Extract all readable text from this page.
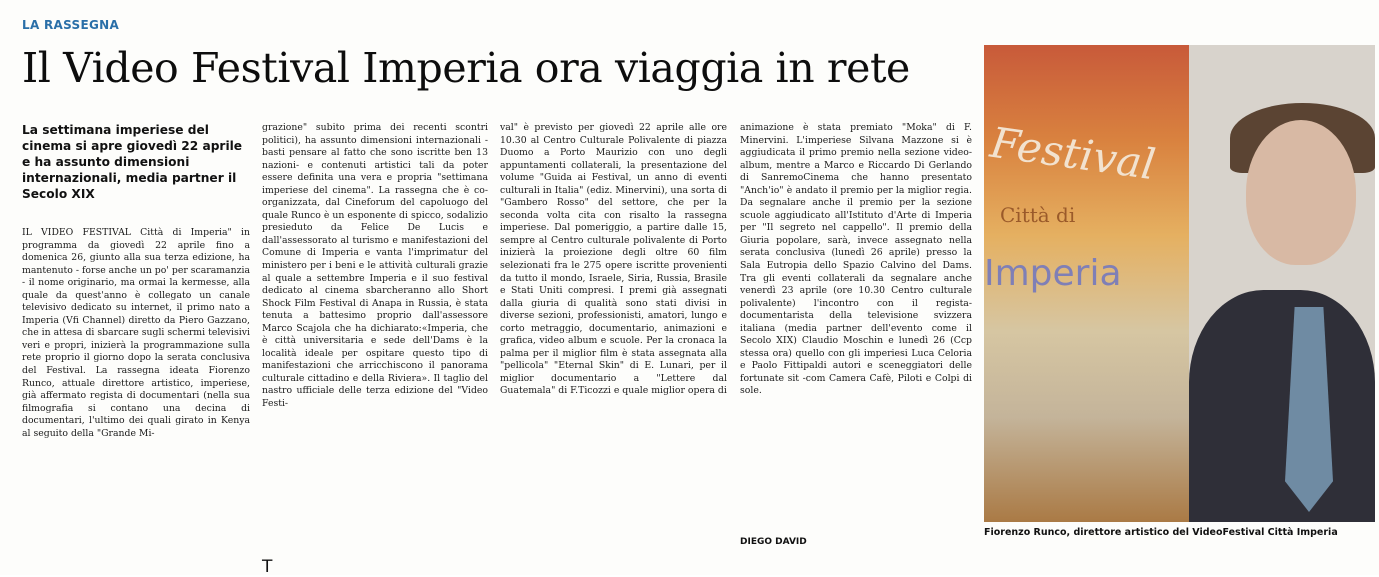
LA RASSEGNA
Il Video Festival Imperia ora viaggia in rete
La settimana imperiese del cinema si apre giovedì 22 aprile e ha assunto dimensioni internazionali, media partner il Secolo XIX
IL VIDEO FESTIVAL Città di Imperia" in programma da giovedì 22 aprile fino a domenica 26, giunto alla sua terza edizione, ha mantenuto - forse anche un po' per scaramanzia - il nome originario, ma ormai la kermesse, alla quale da quest'anno è collegato un canale televisivo dedicato su internet, il primo nato a Imperia (Vfi Channel) diretto da Piero Gazzano, che in attesa di sbarcare sugli schermi televisivi veri e propri, inizierà la programmazione sulla rete proprio il giorno dopo la serata conclusiva del Festival. La rassegna ideata Fiorenzo Runco, attuale direttore artistico, imperiese, già affermato regista di documentari (nella sua filmografia si contano una decina di documentari, l'ultimo dei quali girato in Kenya al seguito della "Grande Mi-
grazione" subito prima dei recenti scontri politici), ha assunto dimensioni internazionali -basti pensare al fatto che sono iscritte ben 13 nazioni- e contenuti artistici tali da poter essere definita una vera e propria "settimana imperiese del cinema". La rassegna che è co-organizzata, dal Cineforum del capoluogo del quale Runco è un esponente di spicco, sodalizio presieduto da Felice De Lucis e dall'assessorato al turismo e manifestazioni del Comune di Imperia e vanta l'imprimatur del ministero per i beni e le attività culturali grazie al quale a settembre Imperia e il suo festival dedicato al cinema sbarcheranno allo Short Shock Film Festival di Anapa in Russia, è stata tenuta a battesimo proprio dall'assessore Marco Scajola che ha dichiarato:«Imperia, che è città universitaria e sede dell'Dams è la località ideale per ospitare questo tipo di manifestazioni che arricchiscono il panorama culturale cittadino e della Riviera». Il taglio del nastro ufficiale delle terza edizione del "Video Festi-
val" è previsto per giovedì 22 aprile alle ore 10.30 al Centro Culturale Polivalente di piazza Duomo a Porto Maurizio con uno degli appuntamenti collaterali, la presentazione del volume "Guida ai Festival, un anno di eventi culturali in Italia" (ediz. Minervini), una sorta di "Gambero Rosso" del settore, che per la seconda volta cita con risalto la rassegna imperiese. Dal pomeriggio, a partire dalle 15, sempre al Centro culturale polivalente di Porto inizierà la proiezione degli oltre 60 film selezionati fra le 275 opere iscritte provenienti da tutto il mondo, Israele, Siria, Russia, Brasile e Stati Uniti compresi. I premi già assegnati dalla giuria di qualità sono stati divisi in diverse sezioni, professionisti, amatori, lungo e corto metraggio, documentario, animazioni e grafica, video album e scuole. Per la cronaca la palma per il miglior film è stata assegnata alla "pellicola" "Eternal Skin" di E. Lunari, per il miglior documentario a "Lettere dal Guatemala" di F.Ticozzi e quale miglior opera di
animazione è stata premiato "Moka" di F. Minervini. L'imperiese Silvana Mazzone si è aggiudicata il primo premio nella sezione video-album, mentre a Marco e Riccardo Di Gerlando di SanremoCinema che hanno presentato "Anch'io" è andato il premio per la miglior regia. Da segnalare anche il premio per la sezione scuole aggiudicato all'Istituto d'Arte di Imperia per "Il segreto nel cappello". Il premio della Giuria popolare, sarà, invece assegnato nella serata conclusiva (lunedì 26 aprile) presso la Sala Eutropia dello Spazio Calvino del Dams. Tra gli eventi collaterali da segnalare anche venerdì 23 aprile (ore 10.30 Centro culturale polivalente) l'incontro con il regista-documentarista della televisione svizzera italiana (media partner dell'evento come il Secolo XIX) Claudio Moschin e lunedì 26 (Ccp stessa ora) quello con gli imperiesi Luca Celoria e Paolo Fittipaldi autori e sceneggiatori delle fortunate sit -com Camera Cafè, Piloti e Colpi di sole.
DIEGO DAVID
Festival
Città di
Imperia
Fiorenzo Runco, direttore artistico del VideoFestival Città Imperia
T
